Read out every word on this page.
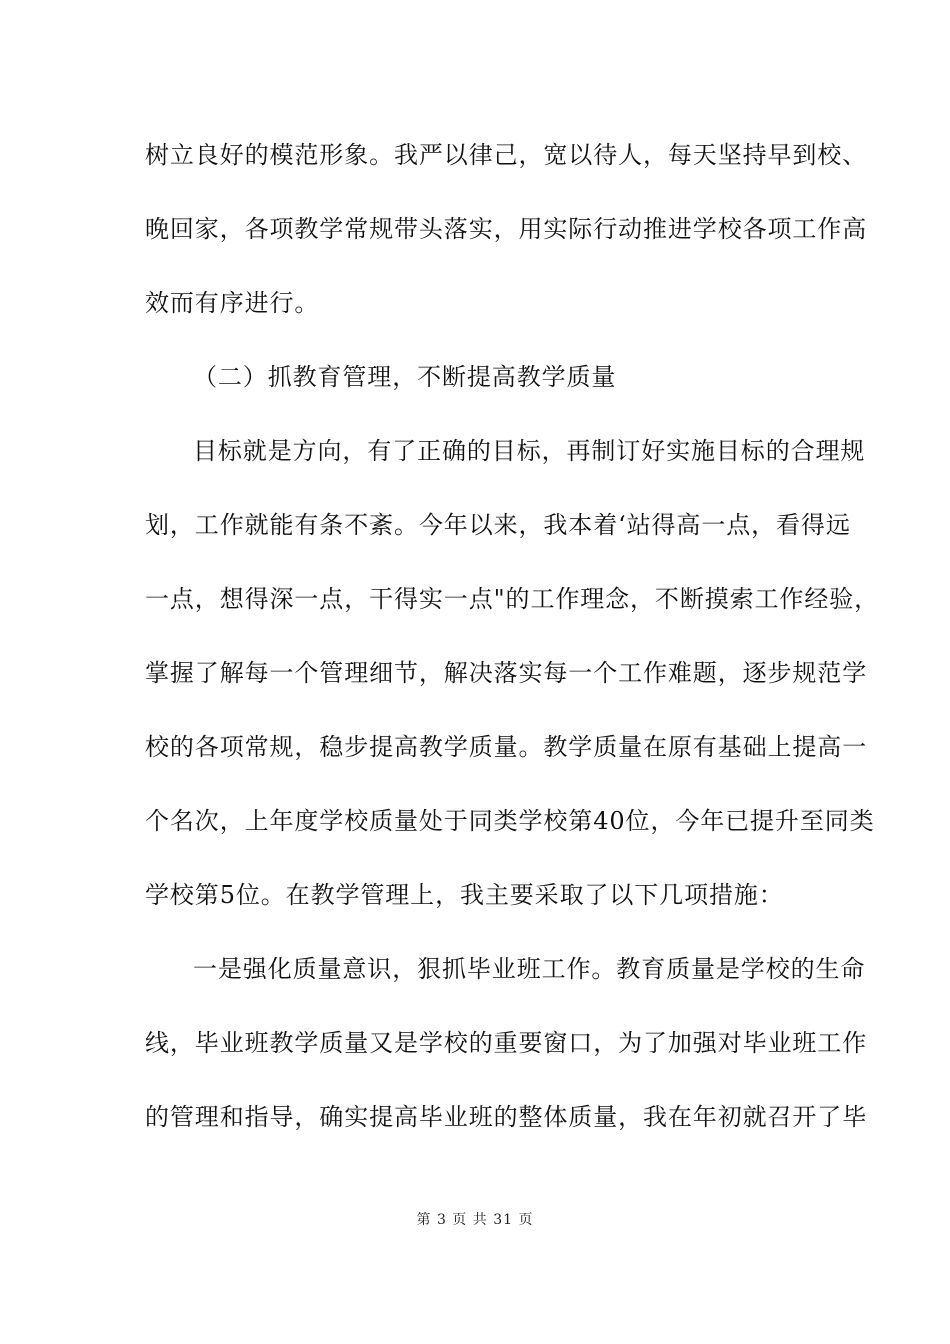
树立良好的模范形象。我严以律己，宽以待人，每天坚持早到校、
晚回家，各项教学常规带头落实，用实际行动推进学校各项工作高
效而有序进行。
（二）抓教育管理，不断提高教学质量
目标就是方向，有了正确的目标，再制订好实施目标的合理规
划，工作就能有条不紊。今年以来，我本着‘站得高一点，看得远
一点，想得深一点，干得实一点"的工作理念，不断摸索工作经验，
掌握了解每一个管理细节，解决落实每一个工作难题，逐步规范学
校的各项常规，稳步提高教学质量。教学质量在原有基础上提高一
个名次，上年度学校质量处于同类学校第40位，今年已提升至同类
学校第5位。在教学管理上，我主要采取了以下几项措施：
一是强化质量意识，狠抓毕业班工作。教育质量是学校的生命
线，毕业班教学质量又是学校的重要窗口，为了加强对毕业班工作
的管理和指导，确实提高毕业班的整体质量，我在年初就召开了毕
第 3 页 共 31 页
